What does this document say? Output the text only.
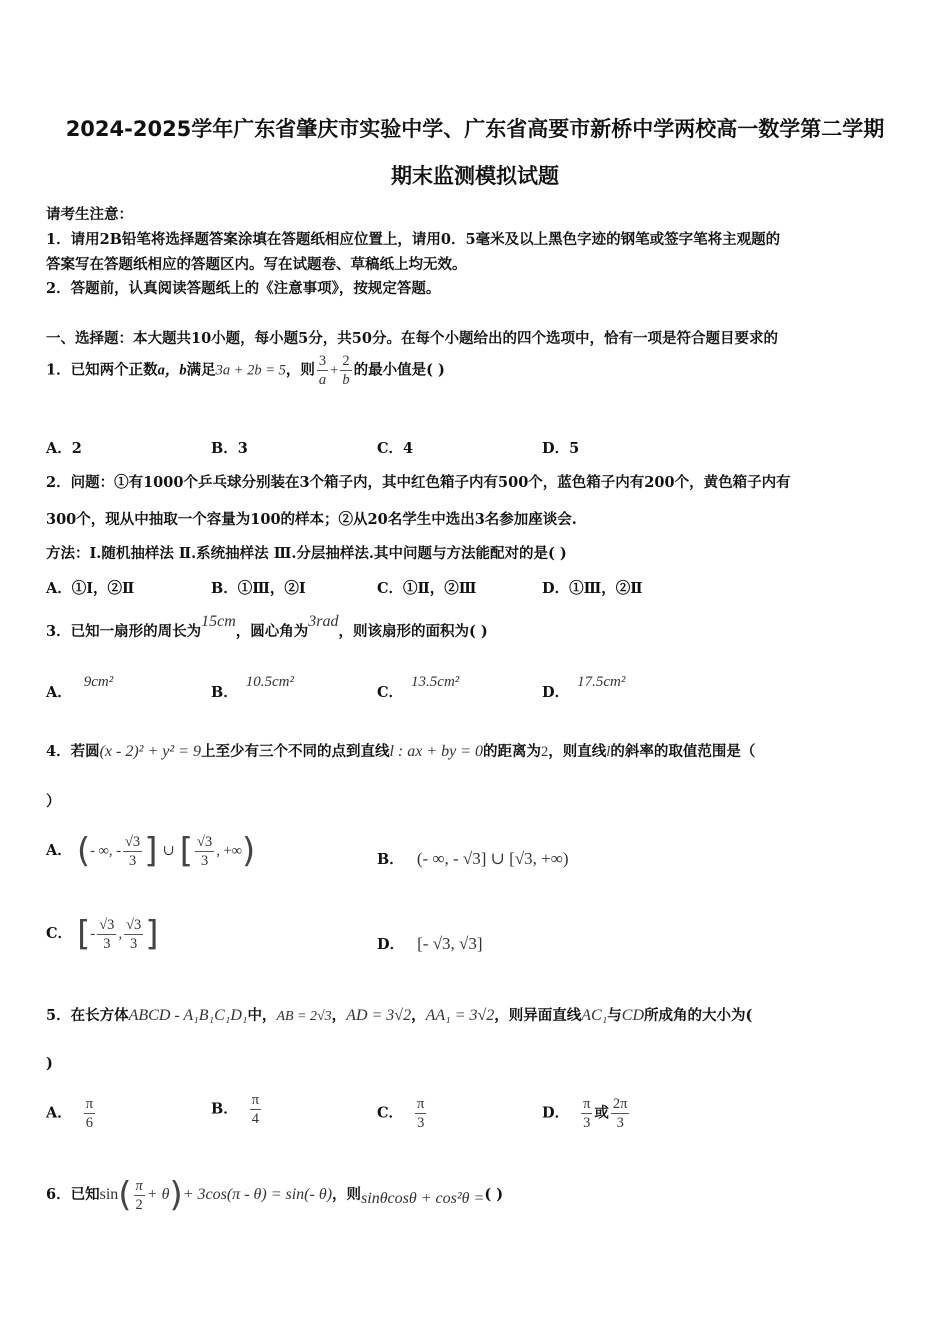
2024-2025学年广东省肇庆市实验中学、广东省高要市新桥中学两校高一数学第二学期
期末监测模拟试题
请考生注意：
1．请用2B铅笔将选择题答案涂填在答题纸相应位置上，请用0．5毫米及以上黑色字迹的钢笔或签字笔将主观题的
答案写在答题纸相应的答题区内。写在试题卷、草稿纸上均无效。
2．答题前，认真阅读答题纸上的《注意事项》，按规定答题。
一、选择题：本大题共10小题，每小题5分，共50分。在每个小题给出的四个选项中，恰有一项是符合题目要求的
1．已知两个正数a，b满足3a + 2b = 5，则 $\frac{3}{a} + \frac{2}{b}$ 的最小值是( )
A．2	B．3	C．4	D．5
2．问题：①有1000个乒乓球分别装在3个箱子内，其中红色箱子内有500个，蓝色箱子内有200个，黄色箱子内有
300个，现从中抽取一个容量为100的样本；②从20名学生中选出3名参加座谈会.
方法：Ⅰ.随机抽样法 Ⅱ.系统抽样法 Ⅲ.分层抽样法.其中问题与方法能配对的是( )
A．①Ⅰ，②Ⅱ	B．①Ⅲ，②Ⅰ	C．①Ⅱ，②Ⅲ	D．①Ⅲ，②Ⅱ
3．已知一扇形的周长为15cm，圆心角为3rad，则该扇形的面积为( )
A．9cm²
B．10.5cm²
C．13.5cm²
D．17.5cm²
4．若圆(x - 2)² + y² = 9上至少有三个不同的点到直线l : ax + by = 0的距离为2，则直线l的斜率的取值范围是（
）
A． (- ∞, - $\frac{√3}{3}$ ] ∪ [ $\frac{√3}{3}$ , +∞)	B． (- ∞, - √3] ∪ [√3, +∞)
C． [- $\frac{√3}{3}$ , $\frac{√3}{3}$ ]	D． [- √3, √3]
5．在长方体ABCD - A₁B₁C₁D₁中，AB = 2√3，AD = 3√2，AA₁ = 3√2，则异面直线AC₁与CD所成角的大小为(
)
A． $\frac{\pi}{6}$	B． $\frac{\pi}{4}$	C． $\frac{\pi}{3}$	D． $\frac{\pi}{3}$ 或 $\frac{2\pi}{3}$
6．已知$\sin( \frac{\pi}{2} + \theta)+ 3\cos(\pi - \theta) = \sin(-$ θ)，则sinθcosθ + cos²θ =( )
